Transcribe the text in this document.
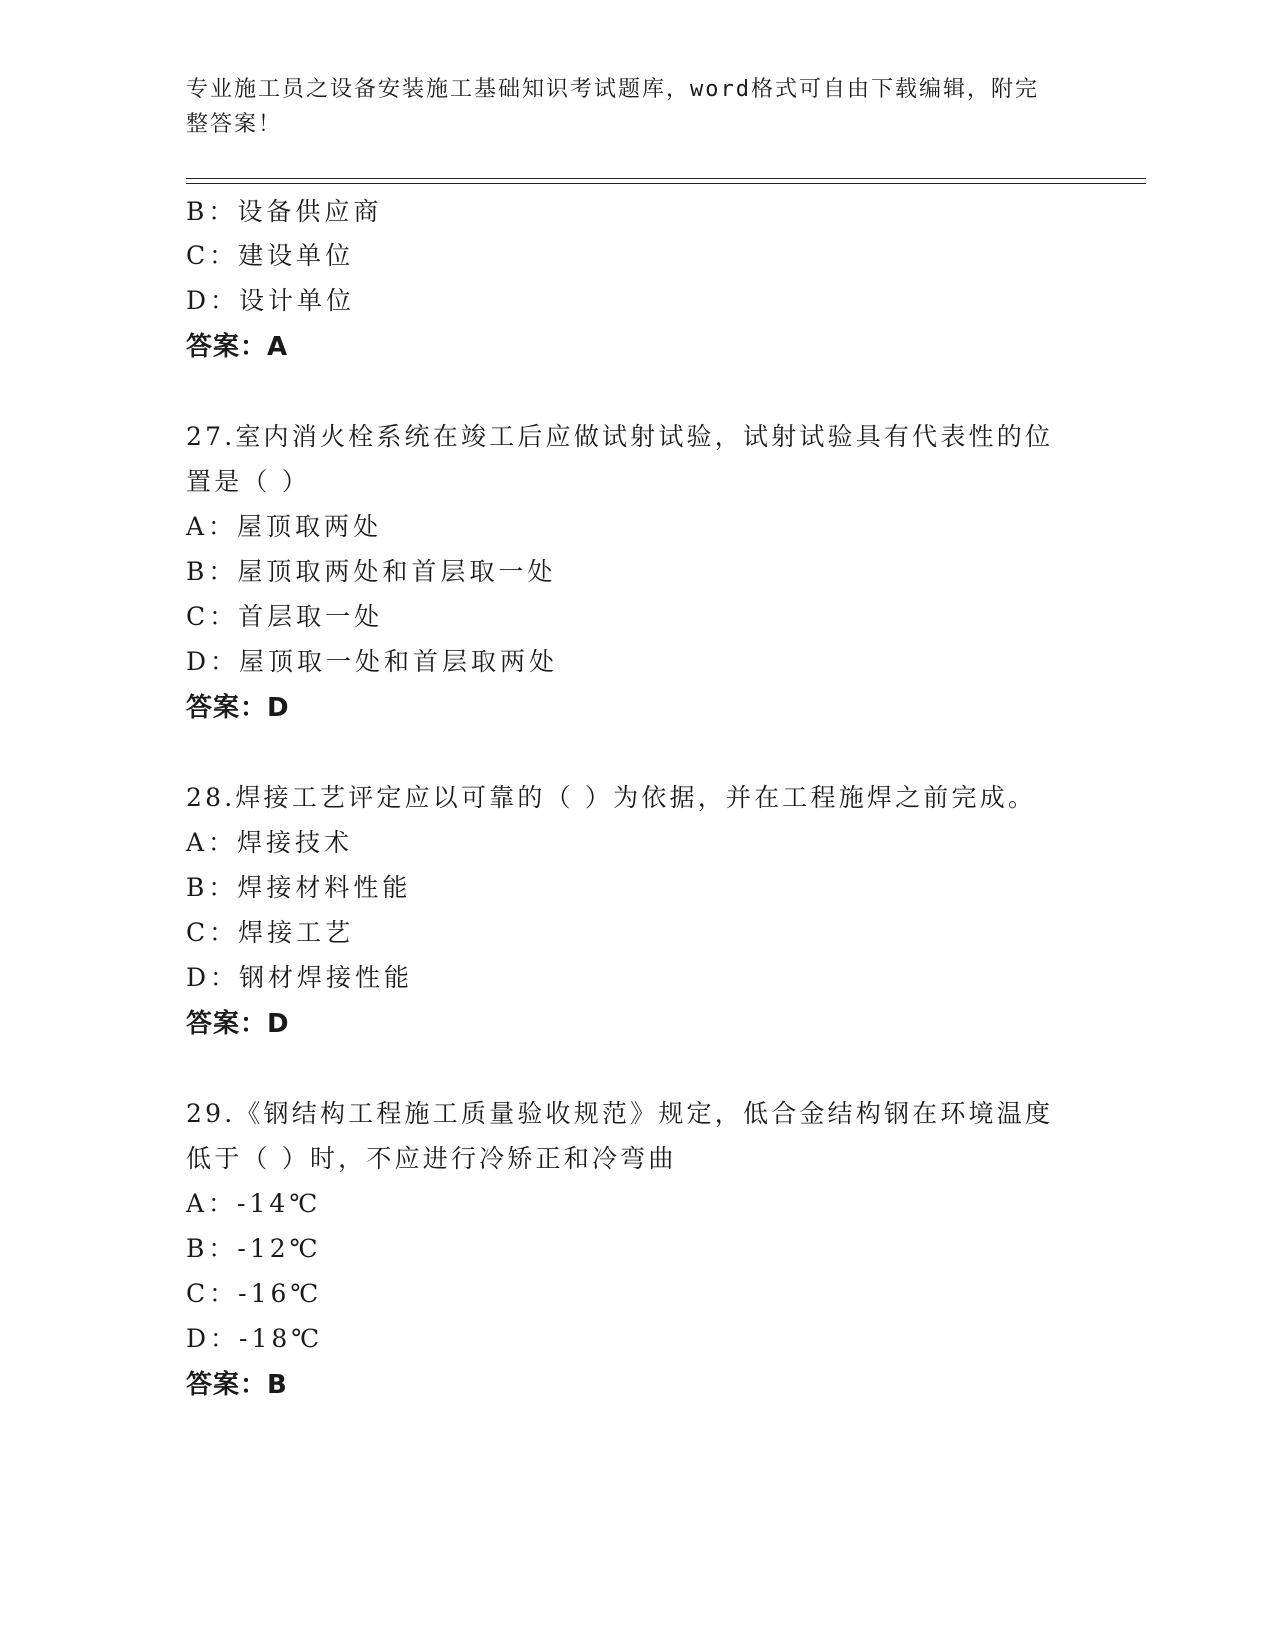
专业施工员之设备安装施工基础知识考试题库，word格式可自由下载编辑，附完
整答案！
B：设备供应商
C：建设单位
D：设计单位
答案：A
27.室内消火栓系统在竣工后应做试射试验，试射试验具有代表性的位
置是（ ）
A：屋顶取两处
B：屋顶取两处和首层取一处
C：首层取一处
D：屋顶取一处和首层取两处
答案：D
28.焊接工艺评定应以可靠的（ ）为依据，并在工程施焊之前完成。
A：焊接技术
B：焊接材料性能
C：焊接工艺
D：钢材焊接性能
答案：D
29.《钢结构工程施工质量验收规范》规定，低合金结构钢在环境温度
低于（ ）时，不应进行冷矫正和冷弯曲
A：-14℃
B：-12℃
C：-16℃
D：-18℃
答案：B
